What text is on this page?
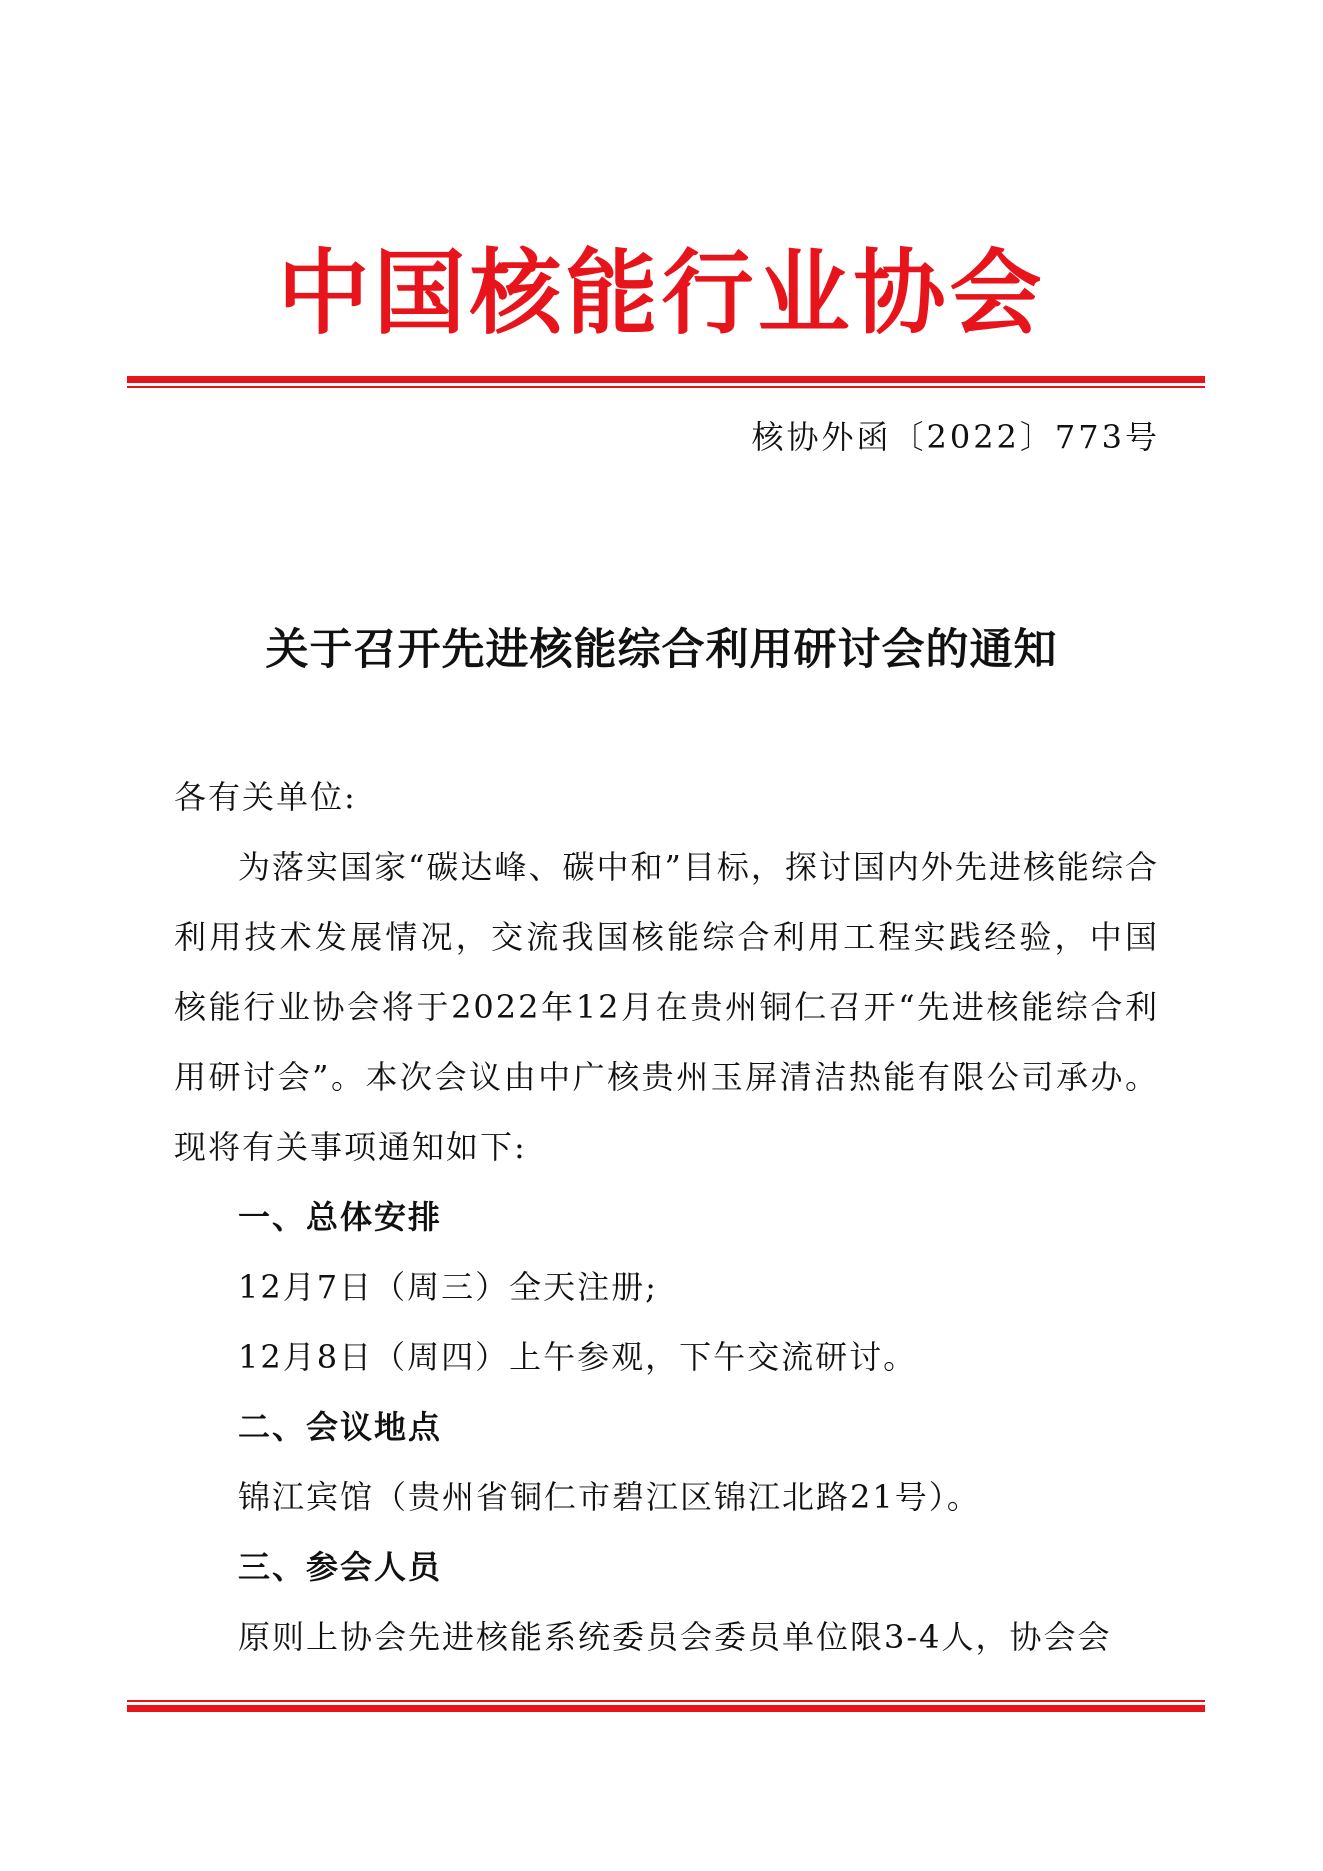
中国核能行业协会
核协外函〔2022〕773号
关于召开先进核能综合利用研讨会的通知

各有关单位:

为落实国家“碳达峰、碳中和”目标，探讨国内外先进核能综合利用技术发展情况，交流我国核能综合利用工程实践经验，中国核能行业协会将于2022年12月在贵州铜仁召开“先进核能综合利用研讨会”。本次会议由中广核贵州玉屏清洁热能有限公司承办。现将有关事项通知如下:

一、总体安排

12月7日（周三）全天注册;

12月8日（周四）上午参观，下午交流研讨。

二、会议地点

锦江宾馆（贵州省铜仁市碧江区锦江北路21号）。

三、参会人员

原则上协会先进核能系统委员会委员单位限3-4人，协会会
